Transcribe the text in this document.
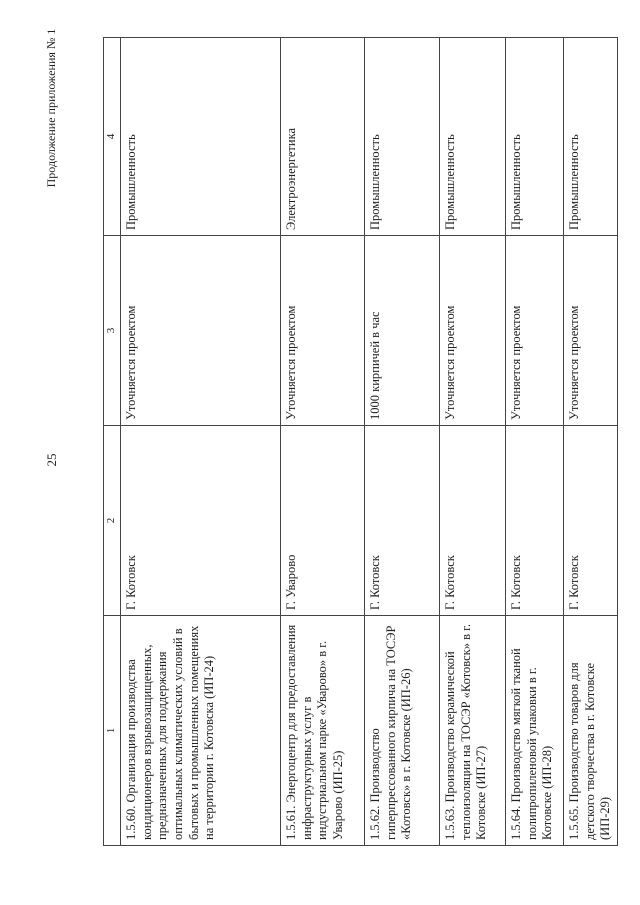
25
Продолжение приложения № 1
1	2	3	4
1.5.60. Организация производства кондиционеров взрывозащищенных, предназначенных для поддержания оптимальных климатических условий в бытовых и промышленных помещениях на территории г. Котовска (ИП-24)	Г. Котовск	Уточняется проектом	Промышленность
1.5.61. Энергоцентр для предоставления инфраструктурных услуг в индустриальном парке «Уварово» в г. Уварово (ИП-25)	Г. Уварово	Уточняется проектом	Электроэнергетика
1.5.62. Производство гиперпрессованного кирпича на ТОСЭР «Котовск» в г. Котовске (ИП-26)	Г. Котовск	1000 кирпичей в час	Промышленность
1.5.63. Производство керамической теплоизоляции на ТОСЭР «Котовск» в г. Котовске (ИП-27)	Г. Котовск	Уточняется проектом	Промышленность
1.5.64. Производство мягкой тканой полипропиленовой упаковки в г. Котовске (ИП-28)	Г. Котовск	Уточняется проектом	Промышленность
1.5.65. Производство товаров для детского творчества в г. Котовске (ИП-29)	Г. Котовск	Уточняется проектом	Промышленность
